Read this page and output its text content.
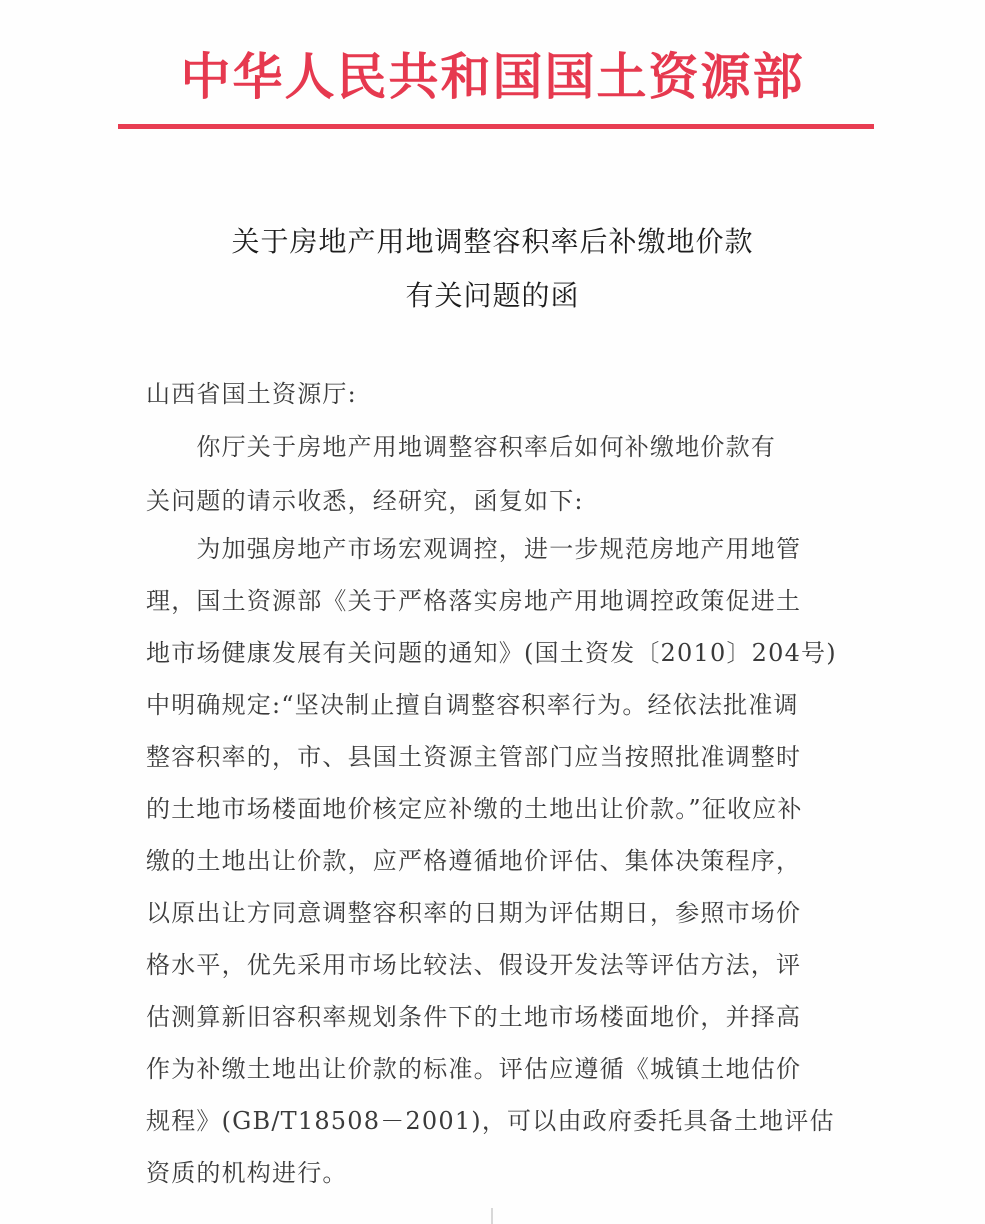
中华人民共和国国土资源部
关于房地产用地调整容积率后补缴地价款
有关问题的函
山西省国土资源厅:
　　你厅关于房地产用地调整容积率后如何补缴地价款有
关问题的请示收悉，经研究，函复如下:
　　为加强房地产市场宏观调控，进一步规范房地产用地管
理，国土资源部《关于严格落实房地产用地调控政策促进土
地市场健康发展有关问题的通知》(国土资发〔2010〕204号)
中明确规定:“坚决制止擅自调整容积率行为。经依法批准调
整容积率的，市、县国土资源主管部门应当按照批准调整时
的土地市场楼面地价核定应补缴的土地出让价款。”征收应补
缴的土地出让价款，应严格遵循地价评估、集体决策程序，
以原出让方同意调整容积率的日期为评估期日，参照市场价
格水平，优先采用市场比较法、假设开发法等评估方法，评
估测算新旧容积率规划条件下的土地市场楼面地价，并择高
作为补缴土地出让价款的标准。评估应遵循《城镇土地估价
规程》(GB/T18508－2001)，可以由政府委托具备土地评估
资质的机构进行。
